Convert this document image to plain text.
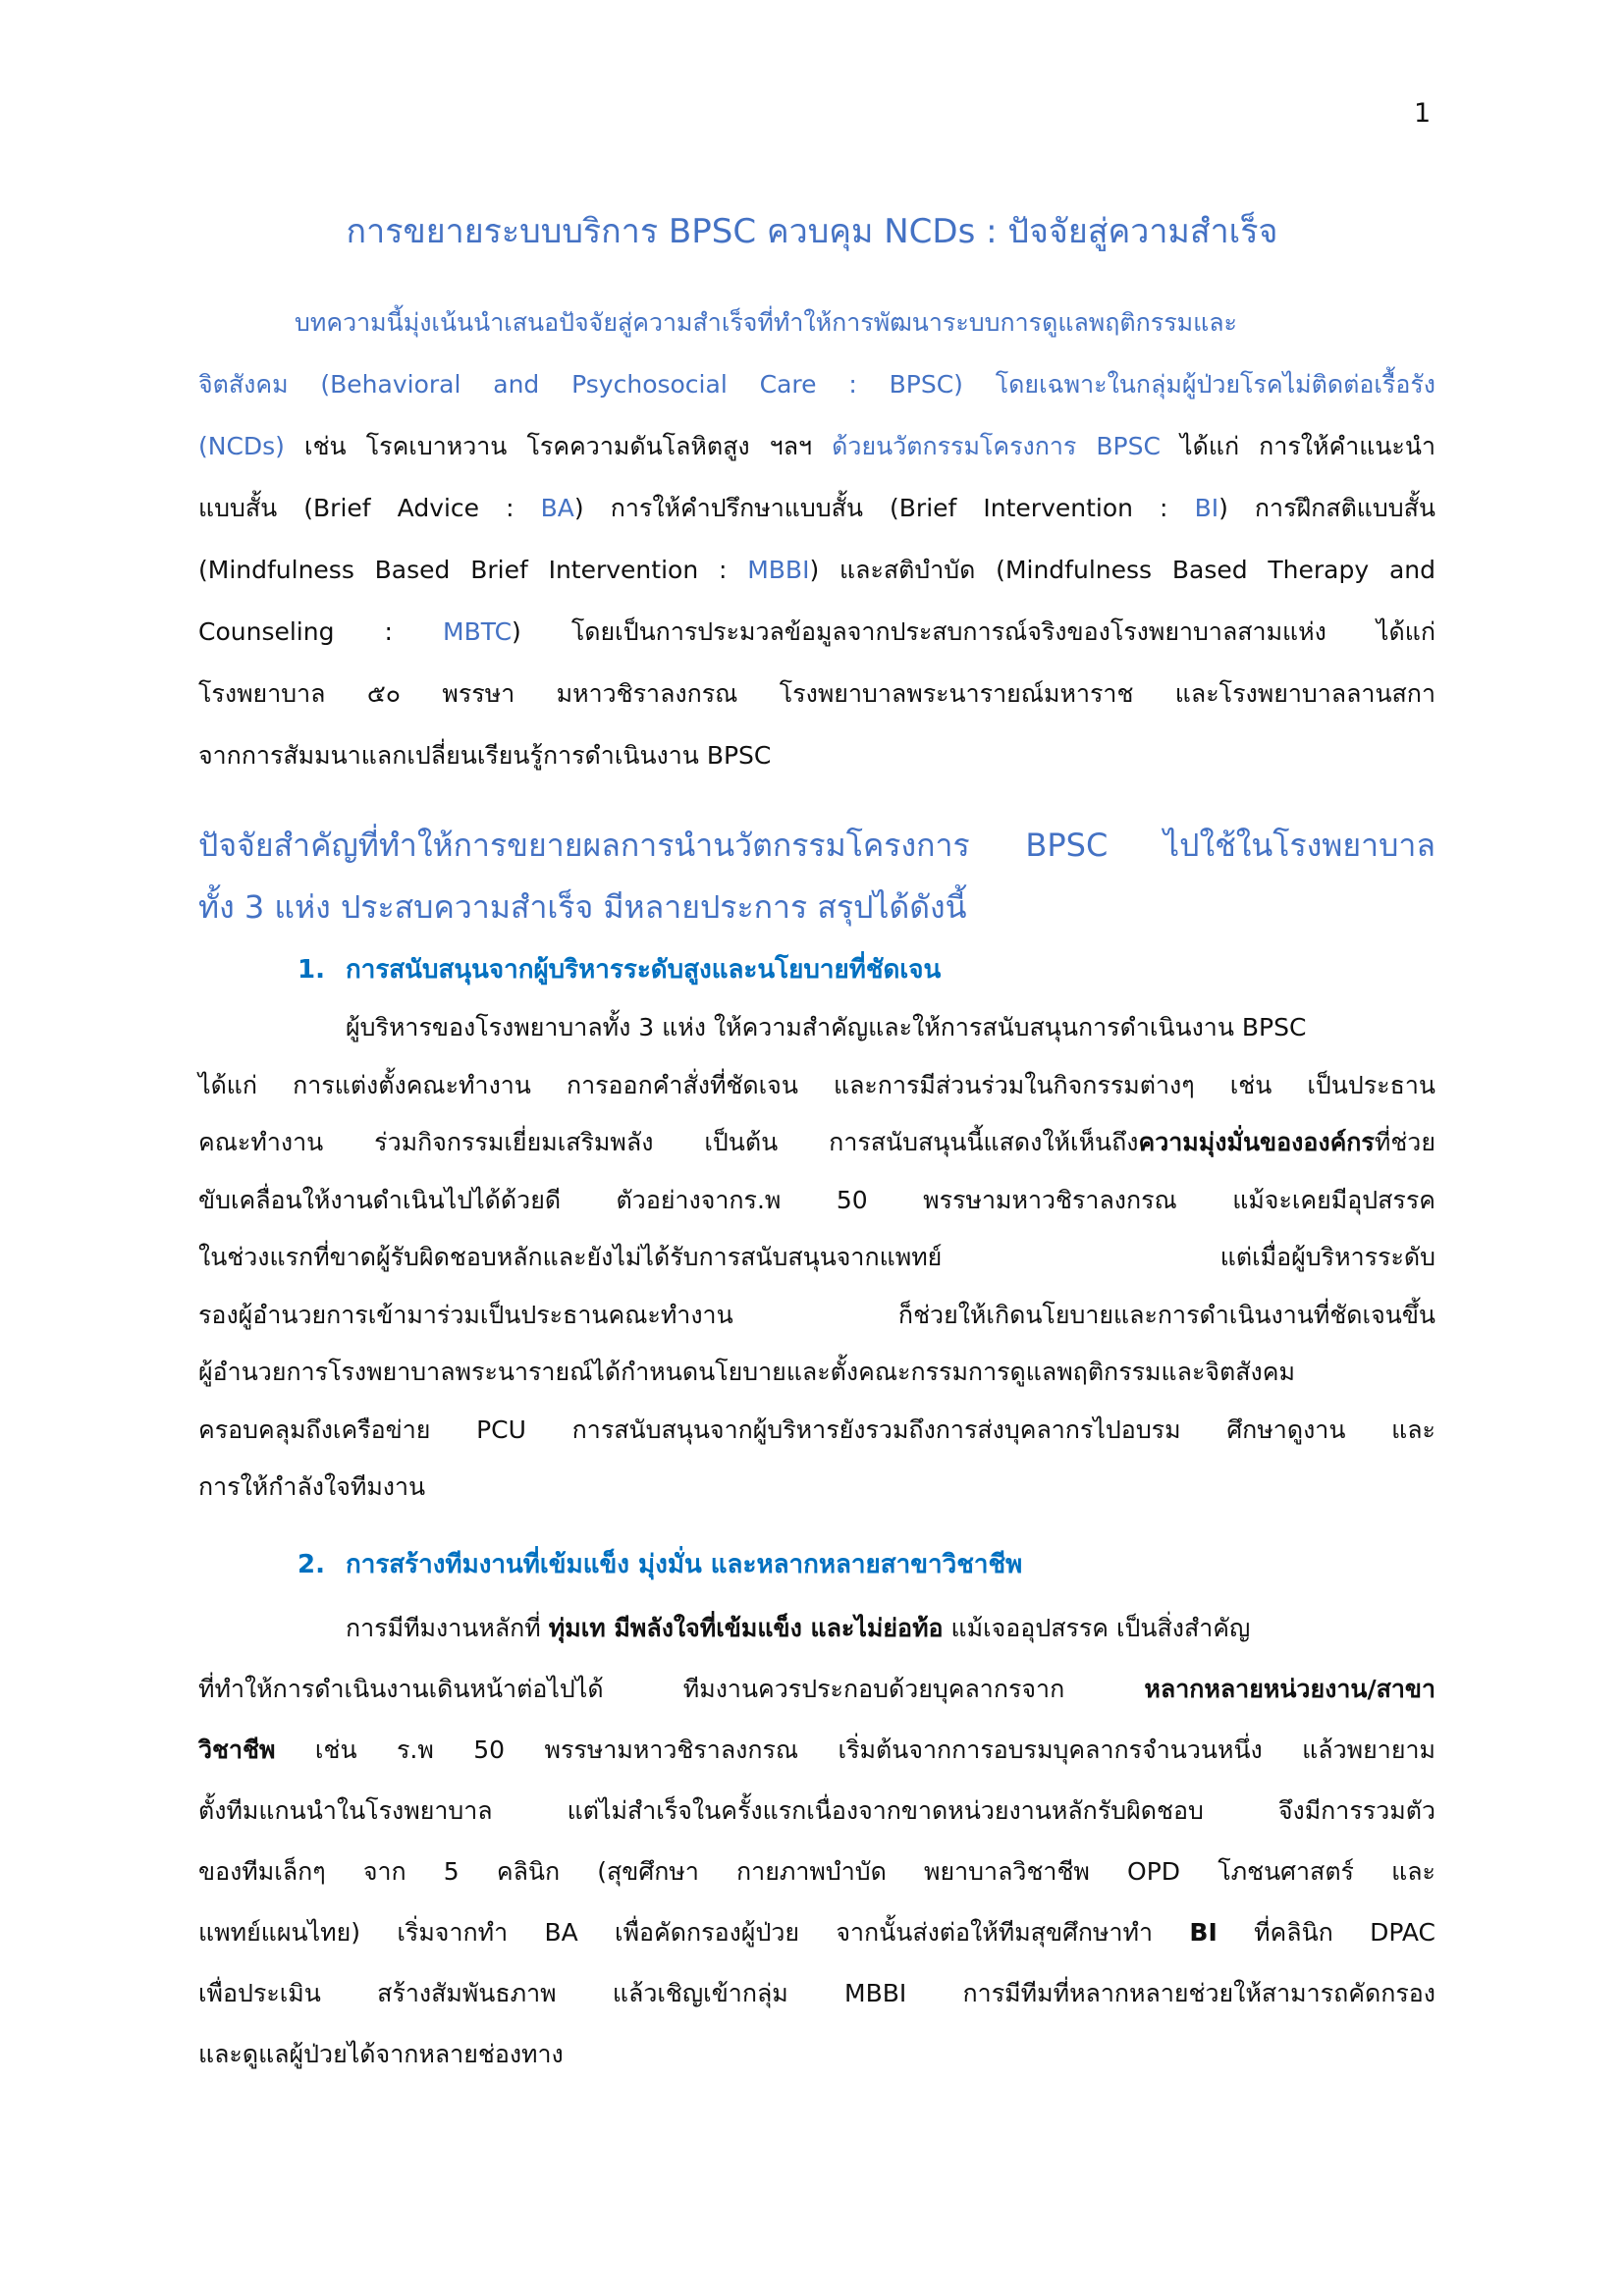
1
การขยายระบบบริการ BPSC ควบคุม NCDs : ปัจจัยสู่ความสำเร็จ
บทความนี้มุ่งเน้นนำเสนอปัจจัยสู่ความสำเร็จที่ทำให้การพัฒนาระบบการดูแลพฤติกรรมและ
จิตสังคม (Behavioral and Psychosocial Care : BPSC) โดยเฉพาะในกลุ่มผู้ป่วยโรคไม่ติดต่อเรื้อรัง
(NCDs) เช่น โรคเบาหวาน โรคความดันโลหิตสูง ฯลฯ ด้วยนวัตกรรมโครงการ BPSC ได้แก่ การให้คำแนะนำ
แบบสั้น (Brief Advice : BA) การให้คำปรึกษาแบบสั้น (Brief Intervention : BI) การฝึกสติแบบสั้น
(Mindfulness Based Brief Intervention : MBBI) และสติบำบัด (Mindfulness Based Therapy and
Counseling : MBTC) โดยเป็นการประมวลข้อมูลจากประสบการณ์จริงของโรงพยาบาลสามแห่ง ได้แก่
โรงพยาบาล ๕๐ พรรษา มหาวชิราลงกรณ โรงพยาบาลพระนารายณ์มหาราช และโรงพยาบาลลานสกา
จากการสัมมนาแลกเปลี่ยนเรียนรู้การดำเนินงาน BPSC
ปัจจัยสำคัญที่ทำให้การขยายผลการนำนวัตกรรมโครงการ BPSC ไปใช้ในโรงพยาบาล
ทั้ง 3 แห่ง ประสบความสำเร็จ มีหลายประการ สรุปได้ดังนี้
1. การสนับสนุนจากผู้บริหารระดับสูงและนโยบายที่ชัดเจน
ผู้บริหารของโรงพยาบาลทั้ง 3 แห่ง ให้ความสำคัญและให้การสนับสนุนการดำเนินงาน BPSC
ได้แก่ การแต่งตั้งคณะทำงาน การออกคำสั่งที่ชัดเจน และการมีส่วนร่วมในกิจกรรมต่างๆ เช่น เป็นประธาน
คณะทำงาน ร่วมกิจกรรมเยี่ยมเสริมพลัง เป็นต้น การสนับสนุนนี้แสดงให้เห็นถึงความมุ่งมั่นขององค์กรที่ช่วย
ขับเคลื่อนให้งานดำเนินไปได้ด้วยดี ตัวอย่างจากร.พ 50 พรรษามหาวชิราลงกรณ แม้จะเคยมีอุปสรรค
ในช่วงแรกที่ขาดผู้รับผิดชอบหลักและยังไม่ได้รับการสนับสนุนจากแพทย์ แต่เมื่อผู้บริหารระดับ
รองผู้อำนวยการเข้ามาร่วมเป็นประธานคณะทำงาน ก็ช่วยให้เกิดนโยบายและการดำเนินงานที่ชัดเจนขึ้น
ผู้อำนวยการโรงพยาบาลพระนารายณ์ได้กำหนดนโยบายและตั้งคณะกรรมการดูแลพฤติกรรมและจิตสังคม
ครอบคลุมถึงเครือข่าย PCU การสนับสนุนจากผู้บริหารยังรวมถึงการส่งบุคลากรไปอบรม ศึกษาดูงาน และ
การให้กำลังใจทีมงาน
2. การสร้างทีมงานที่เข้มแข็ง มุ่งมั่น และหลากหลายสาขาวิชาชีพ
การมีทีมงานหลักที่ ทุ่มเท มีพลังใจที่เข้มแข็ง และไม่ย่อท้อ แม้เจออุปสรรค เป็นสิ่งสำคัญ
ที่ทำให้การดำเนินงานเดินหน้าต่อไปได้ ทีมงานควรประกอบด้วยบุคลากรจาก หลากหลายหน่วยงาน/สาขา
วิชาชีพ เช่น ร.พ 50 พรรษามหาวชิราลงกรณ เริ่มต้นจากการอบรมบุคลากรจำนวนหนึ่ง แล้วพยายาม
ตั้งทีมแกนนำในโรงพยาบาล แต่ไม่สำเร็จในครั้งแรกเนื่องจากขาดหน่วยงานหลักรับผิดชอบ จึงมีการรวมตัว
ของทีมเล็กๆ จาก 5 คลินิก (สุขศึกษา กายภาพบำบัด พยาบาลวิชาชีพ OPD โภชนศาสตร์ และ
แพทย์แผนไทย) เริ่มจากทำ BA เพื่อคัดกรองผู้ป่วย จากนั้นส่งต่อให้ทีมสุขศึกษาทำ BI ที่คลินิก DPAC
เพื่อประเมิน สร้างสัมพันธภาพ แล้วเชิญเข้ากลุ่ม MBBI การมีทีมที่หลากหลายช่วยให้สามารถคัดกรอง
และดูแลผู้ป่วยได้จากหลายช่องทาง
